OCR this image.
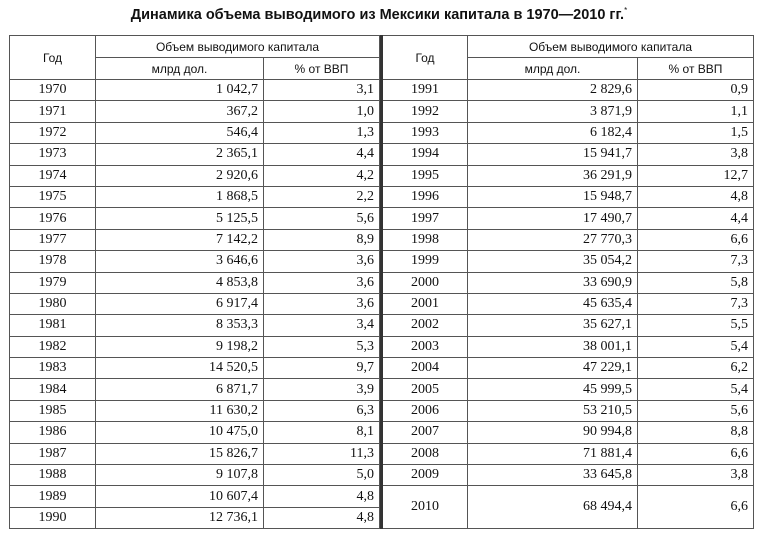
Динамика объема выводимого из Мексики капитала в 1970—2010 гг.*
Год	Объем выводимого капитала	
	млрд дол.	% от ВВП
1970	1 042,7	3,1
1971	367,2	1,0
1972	546,4	1,3
1973	2 365,1	4,4
1974	2 920,6	4,2
1975	1 868,5	2,2
1976	5 125,5	5,6
1977	7 142,2	8,9
1978	3 646,6	3,6
1979	4 853,8	3,6
1980	6 917,4	3,6
1981	8 353,3	3,4
1982	9 198,2	5,3
1983	14 520,5	9,7
1984	6 871,7	3,9
1985	11 630,2	6,3
1986	10 475,0	8,1
1987	15 826,7	11,3
1988	9 107,8	5,0
1989	10 607,4	4,8
1990	12 736,1	4,8
Год	Объем выводимого капитала	
	млрд дол.	% от ВВП
1991	2 829,6	0,9
1992	3 871,9	1,1
1993	6 182,4	1,5
1994	15 941,7	3,8
1995	36 291,9	12,7
1996	15 948,7	4,8
1997	17 490,7	4,4
1998	27 770,3	6,6
1999	35 054,2	7,3
2000	33 690,9	5,8
2001	45 635,4	7,3
2002	35 627,1	5,5
2003	38 001,1	5,4
2004	47 229,1	6,2
2005	45 999,5	5,4
2006	53 210,5	5,6
2007	90 994,8	8,8
2008	71 881,4	6,6
2009	33 645,8	3,8
2010	68 494,4	6,6
